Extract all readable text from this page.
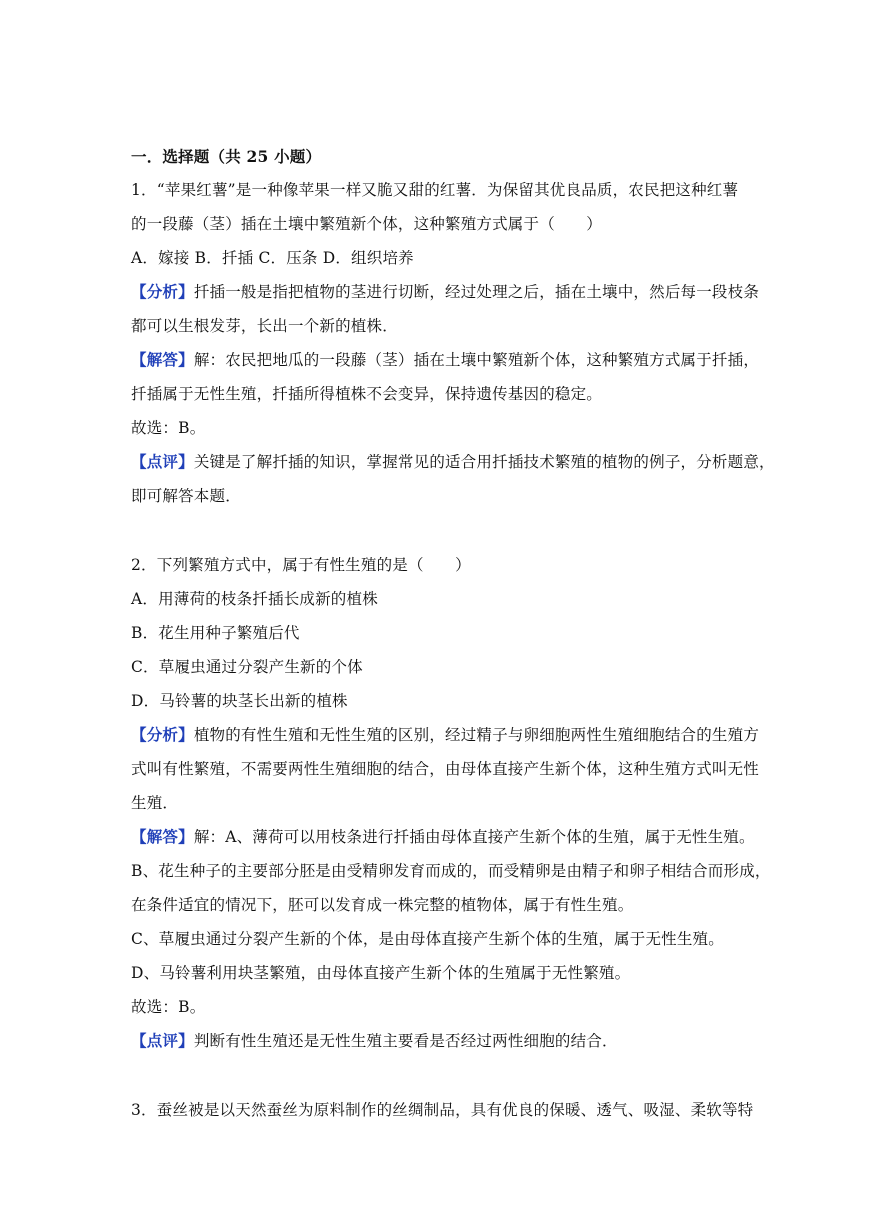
一．选择题（共 25 小题）
1．“苹果红薯”是一种像苹果一样又脆又甜的红薯．为保留其优良品质，农民把这种红薯
的一段藤（茎）插在土壤中繁殖新个体，这种繁殖方式属于（　　）
A．嫁接 B．扦插 C．压条 D．组织培养
【分析】扦插一般是指把植物的茎进行切断，经过处理之后，插在土壤中，然后每一段枝条
都可以生根发芽，长出一个新的植株．
【解答】解：农民把地瓜的一段藤（茎）插在土壤中繁殖新个体，这种繁殖方式属于扦插，
扦插属于无性生殖，扦插所得植株不会变异，保持遗传基因的稳定。
故选：B。
【点评】关键是了解扦插的知识，掌握常见的适合用扦插技术繁殖的植物的例子，分析题意，
即可解答本题．
2．下列繁殖方式中，属于有性生殖的是（　　）
A．用薄荷的枝条扦插长成新的植株
B．花生用种子繁殖后代
C．草履虫通过分裂产生新的个体
D．马铃薯的块茎长出新的植株
【分析】植物的有性生殖和无性生殖的区别，经过精子与卵细胞两性生殖细胞结合的生殖方
式叫有性繁殖，不需要两性生殖细胞的结合，由母体直接产生新个体，这种生殖方式叫无性
生殖．
【解答】解：A、薄荷可以用枝条进行扦插由母体直接产生新个体的生殖，属于无性生殖。
B、花生种子的主要部分胚是由受精卵发育而成的，而受精卵是由精子和卵子相结合而形成，
在条件适宜的情况下，胚可以发育成一株完整的植物体，属于有性生殖。
C、草履虫通过分裂产生新的个体，是由母体直接产生新个体的生殖，属于无性生殖。
D、马铃薯利用块茎繁殖，由母体直接产生新个体的生殖属于无性繁殖。
故选：B。
【点评】判断有性生殖还是无性生殖主要看是否经过两性细胞的结合．
3．蚕丝被是以天然蚕丝为原料制作的丝绸制品，具有优良的保暖、透气、吸湿、柔软等特
